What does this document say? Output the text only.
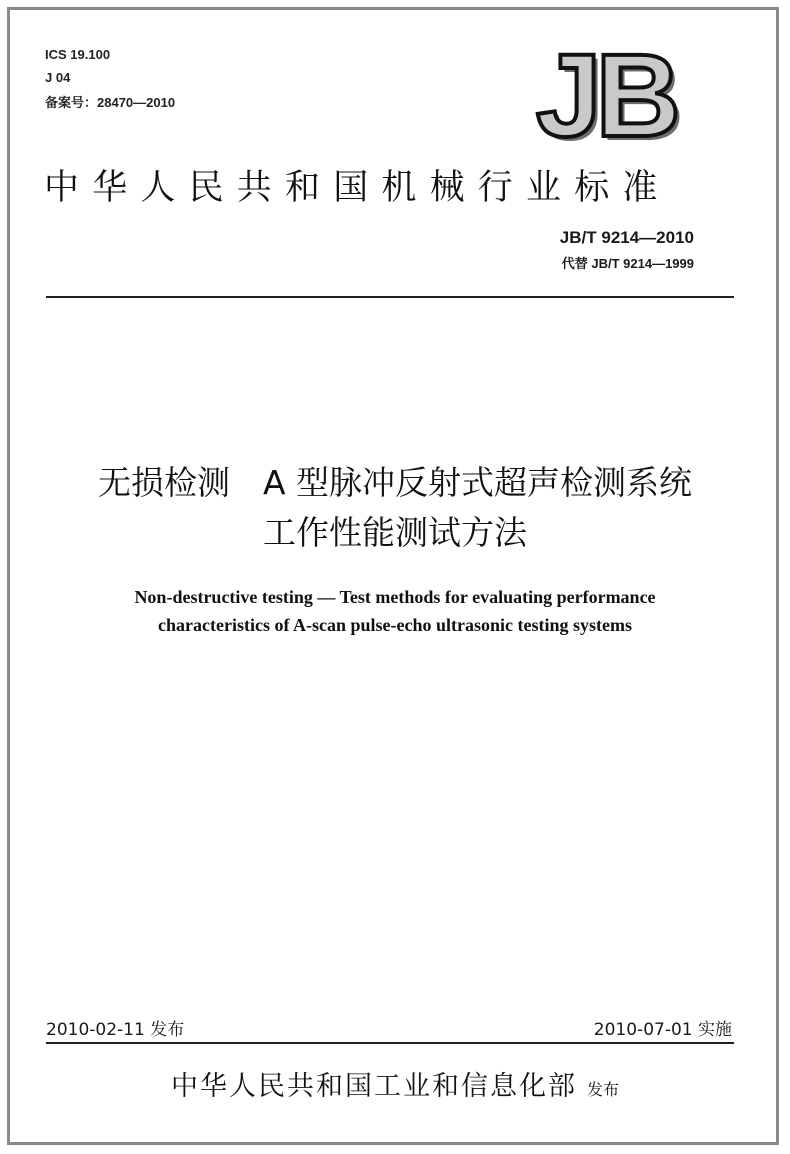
ICS 19.100
J 04
备案号：28470—2010	JB
中华人民共和国机械行业标准
JB/T 9214—2010
代替 JB/T 9214—1999
无损检测　A 型脉冲反射式超声检测系统
工作性能测试方法
Non-destructive testing — Test methods for evaluating performance
characteristics of A-scan pulse-echo ultrasonic testing systems
2010-02-11 发布	2010-07-01 实施
中华人民共和国工业和信息化部 发布
